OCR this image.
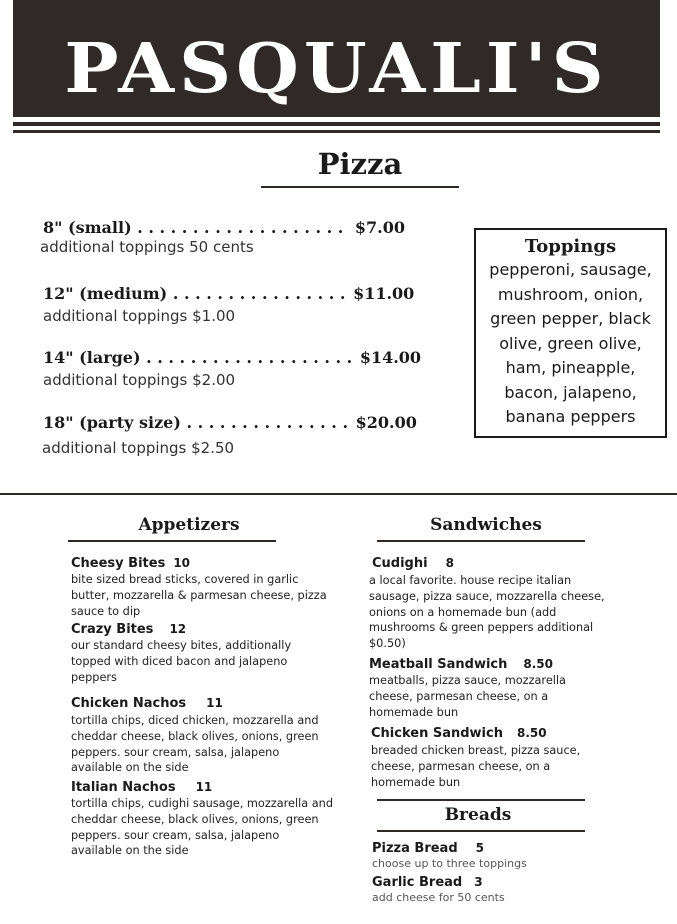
PASQUALI'S
Pizza
8" (small) . . . . . . . . . . . . . . . . . . . $7.00
additional toppings 50 cents
12" (medium) . . . . . . . . . . . . . . . . $11.00
additional toppings $1.00
14" (large) . . . . . . . . . . . . . . . . . . . $14.00
additional toppings $2.00
18" (party size) . . . . . . . . . . . . . . . $20.00
additional toppings $2.50
Toppings
pepperoni, sausage, mushroom, onion, green pepper, black olive, green olive, ham, pineapple, bacon, jalapeno, banana peppers
Appetizers
Cheesy Bites 10
bite sized bread sticks, covered in garlic butter, mozzarella & parmesan cheese, pizza sauce to dip
Crazy Bites 12
our standard cheesy bites, additionally topped with diced bacon and jalapeno peppers
Chicken Nachos 11
tortilla chips, diced chicken, mozzarella and cheddar cheese, black olives, onions, green peppers. sour cream, salsa, jalapeno available on the side
Italian Nachos 11
tortilla chips, cudighi sausage, mozzarella and cheddar cheese, black olives, onions, green peppers. sour cream, salsa, jalapeno available on the side
Sandwiches
Cudighi 8
a local favorite. house recipe italian sausage, pizza sauce, mozzarella cheese, onions on a homemade bun (add mushrooms & green peppers additional $0.50)
Meatball Sandwich 8.50
meatballs, pizza sauce, mozzarella cheese, parmesan cheese, on a homemade bun
Chicken Sandwich 8.50
breaded chicken breast, pizza sauce, cheese, parmesan cheese, on a homemade bun
Breads
Pizza Bread 5
choose up to three toppings
Garlic Bread 3
add cheese for 50 cents
